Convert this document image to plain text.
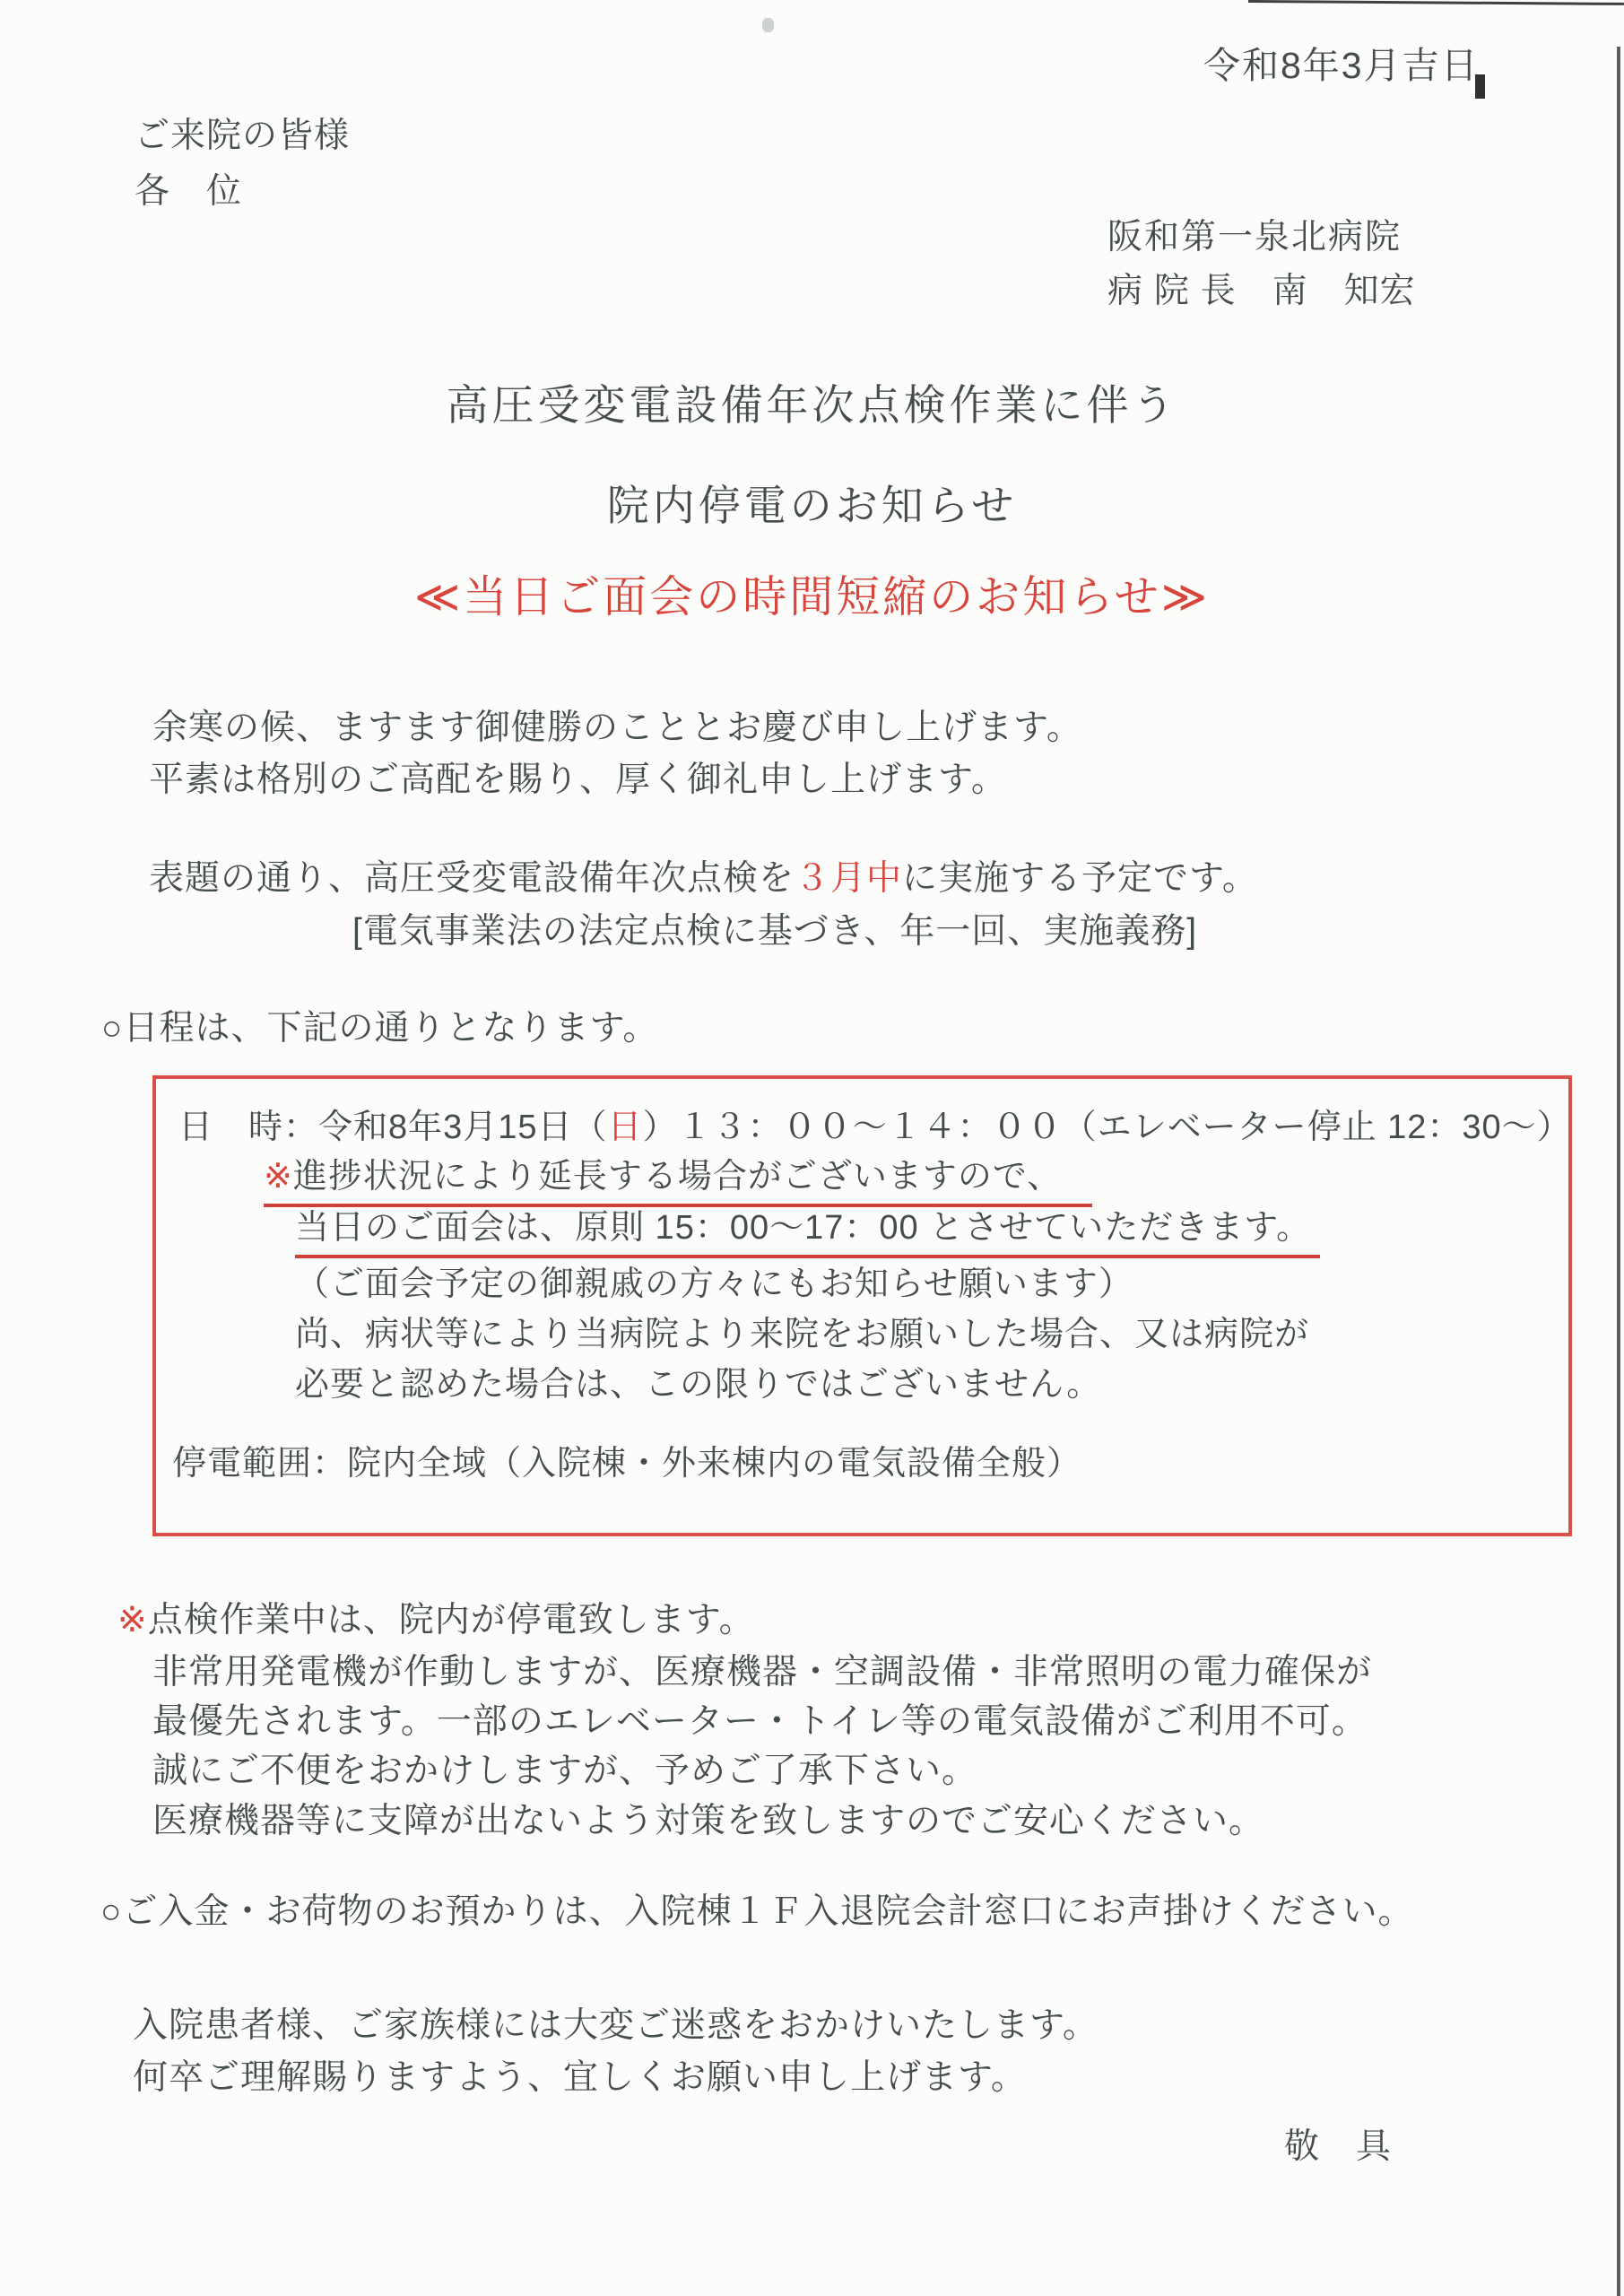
令和8年3月吉日
ご来院の皆様
各　位
阪和第一泉北病院
病 院 長　南　知宏
高圧受変電設備年次点検作業に伴う
院内停電のお知らせ
≪当日ご面会の時間短縮のお知らせ≫
余寒の候、ますます御健勝のこととお慶び申し上げます。
平素は格別のご高配を賜り、厚く御礼申し上げます。
表題の通り、高圧受変電設備年次点検を３月中に実施する予定です。
[電気事業法の法定点検に基づき、年一回、実施義務]
○日程は、下記の通りとなります。
日　時：令和8年3月15日（日）１３：００～１４：００（エレベーター停止 12：30～）
※進捗状況により延長する場合がございますので、
当日のご面会は、原則 15：00～17：00 とさせていただきます。
（ご面会予定の御親戚の方々にもお知らせ願います）
尚、病状等により当病院より来院をお願いした場合、又は病院が
必要と認めた場合は、この限りではございません。
停電範囲：院内全域（入院棟・外来棟内の電気設備全般）
※点検作業中は、院内が停電致します。
非常用発電機が作動しますが、医療機器・空調設備・非常照明の電力確保が
最優先されます。一部のエレベーター・トイレ等の電気設備がご利用不可。
誠にご不便をおかけしますが、予めご了承下さい。
医療機器等に支障が出ないよう対策を致しますのでご安心ください。
○ご入金・お荷物のお預かりは、入院棟１Ｆ入退院会計窓口にお声掛けください。
入院患者様、ご家族様には大変ご迷惑をおかけいたします。
何卒ご理解賜りますよう、宜しくお願い申し上げます。
敬　具
